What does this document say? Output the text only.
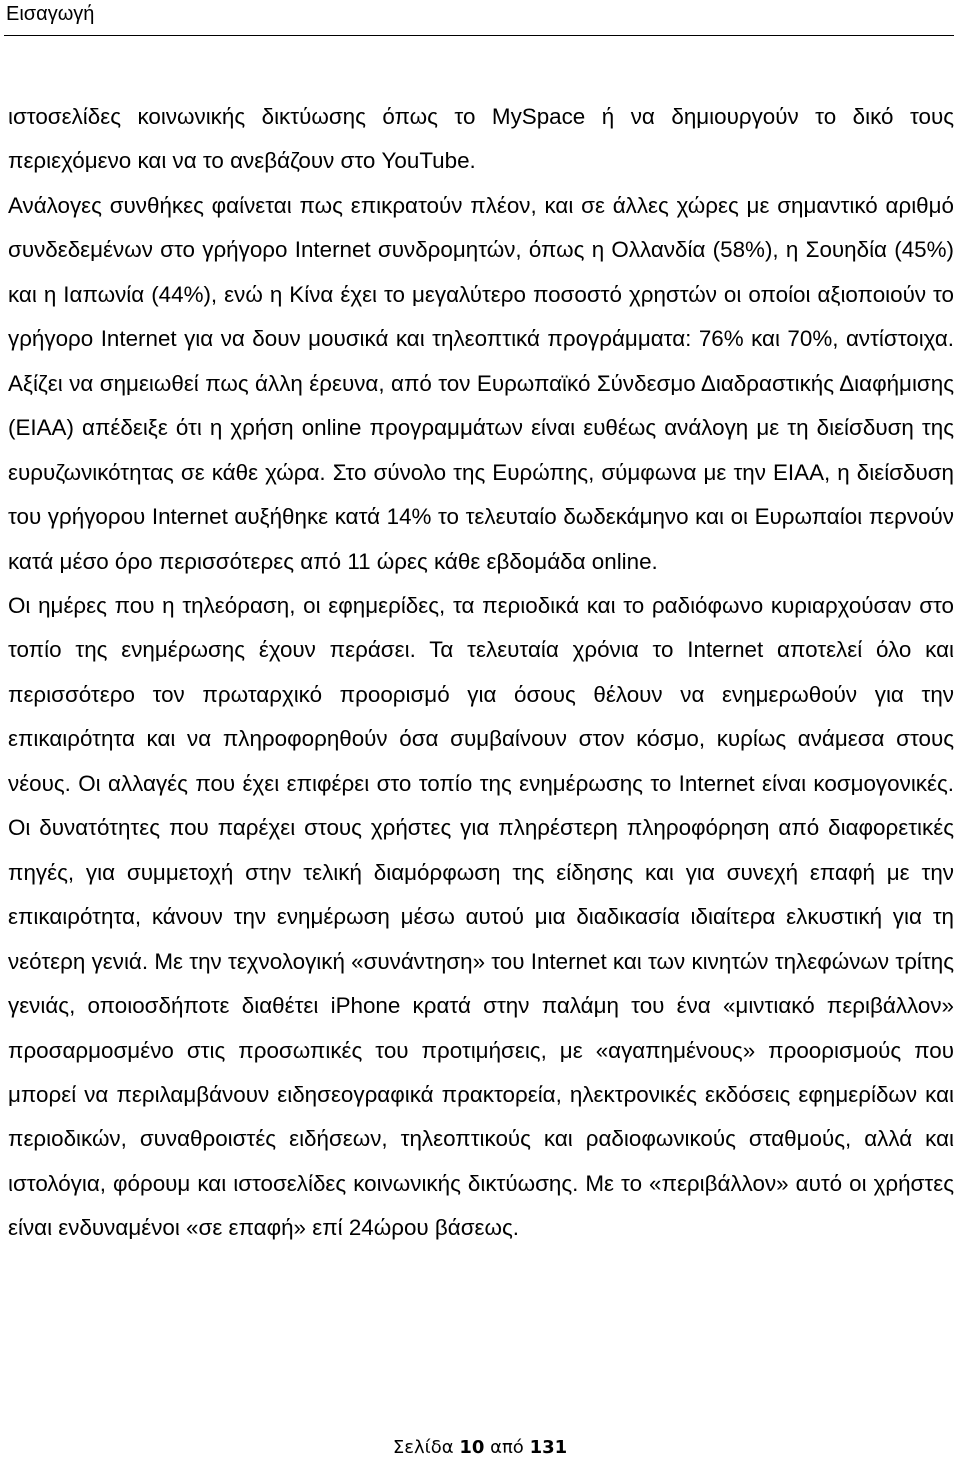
Εισαγωγή

ιστοσελίδες κοινωνικής δικτύωσης όπως το MySpace ή να δημιουργούν το δικό τους περιεχόμενο και να το ανεβάζουν στο YouTube.

Ανάλογες συνθήκες φαίνεται πως επικρατούν πλέον, και σε άλλες χώρες με σημαντικό αριθμό συνδεδεμένων στο γρήγορο Internet συνδρομητών, όπως η Ολλανδία (58%), η Σουηδία (45%) και η Ιαπωνία (44%), ενώ η Κίνα έχει το μεγαλύτερο ποσοστό χρηστών οι οποίοι αξιοποιούν το γρήγορο Internet για να δουν μουσικά και τηλεοπτικά προγράμματα: 76% και 70%, αντίστοιχα. Αξίζει να σημειωθεί πως άλλη έρευνα, από τον Ευρωπαϊκό Σύνδεσμο Διαδραστικής Διαφήμισης (EIAA) απέδειξε ότι η χρήση online προγραμμάτων είναι ευθέως ανάλογη με τη διείσδυση της ευρυζωνικότητας σε κάθε χώρα. Στο σύνολο της Ευρώπης, σύμφωνα με την EIAA, η διείσδυση του γρήγορου Internet αυξήθηκε κατά 14% το τελευταίο δωδεκάμηνο και οι Ευρωπαίοι περνούν κατά μέσο όρο περισσότερες από 11 ώρες κάθε εβδομάδα online.

Οι ημέρες που η τηλεόραση, οι εφημερίδες, τα περιοδικά και το ραδιόφωνο κυριαρχούσαν στο τοπίο της ενημέρωσης έχουν περάσει. Τα τελευταία χρόνια το Internet αποτελεί όλο και περισσότερο τον πρωταρχικό προορισμό για όσους θέλουν να ενημερωθούν για την επικαιρότητα και να πληροφορηθούν όσα συμβαίνουν στον κόσμο, κυρίως ανάμεσα στους νέους. Οι αλλαγές που έχει επιφέρει στο τοπίο της ενημέρωσης το Internet είναι κοσμογονικές. Οι δυνατότητες που παρέχει στους χρήστες για πληρέστερη πληροφόρηση από διαφορετικές πηγές, για συμμετοχή στην τελική διαμόρφωση της είδησης και για συνεχή επαφή με την επικαιρότητα, κάνουν την ενημέρωση μέσω αυτού μια διαδικασία ιδιαίτερα ελκυστική για τη νεότερη γενιά. Με την τεχνολογική «συνάντηση» του Internet και των κινητών τηλεφώνων τρίτης γενιάς, οποιοσδήποτε διαθέτει iPhone κρατά στην παλάμη του ένα «μιντιακό περιβάλλον» προσαρμοσμένο στις προσωπικές του προτιμήσεις, με «αγαπημένους» προορισμούς που μπορεί να περιλαμβάνουν ειδησεογραφικά πρακτορεία, ηλεκτρονικές εκδόσεις εφημερίδων και περιοδικών, συναθροιστές ειδήσεων, τηλεοπτικούς και ραδιοφωνικούς σταθμούς, αλλά και ιστολόγια, φόρουμ και ιστοσελίδες κοινωνικής δικτύωσης. Με το «περιβάλλον» αυτό οι χρήστες είναι ενδυναμένοι «σε επαφή» επί 24ώρου βάσεως.

Σελίδα 10 από 131
